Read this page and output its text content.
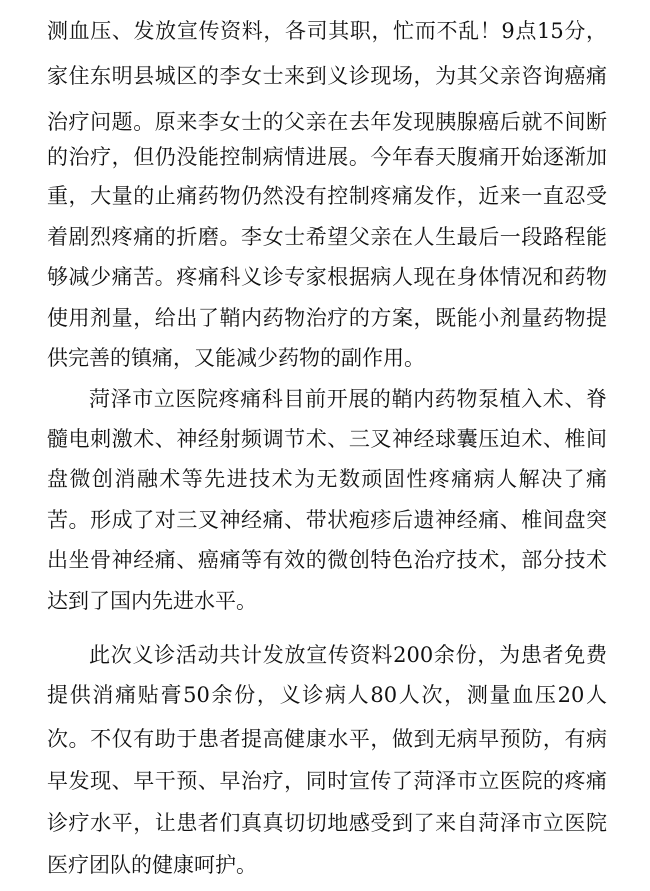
测血压、发放宣传资料，各司其职，忙而不乱！9点15分，
家住东明县城区的李女士来到义诊现场，为其父亲咨询癌痛
治疗问题。原来李女士的父亲在去年发现胰腺癌后就不间断
的治疗，但仍没能控制病情进展。今年春天腹痛开始逐渐加
重，大量的止痛药物仍然没有控制疼痛发作，近来一直忍受
着剧烈疼痛的折磨。李女士希望父亲在人生最后一段路程能
够减少痛苦。疼痛科义诊专家根据病人现在身体情况和药物
使用剂量，给出了鞘内药物治疗的方案，既能小剂量药物提
供完善的镇痛，又能减少药物的副作用。
菏泽市立医院疼痛科目前开展的鞘内药物泵植入术、脊
髓电刺激术、神经射频调节术、三叉神经球囊压迫术、椎间
盘微创消融术等先进技术为无数顽固性疼痛病人解决了痛
苦。形成了对三叉神经痛、带状疱疹后遗神经痛、椎间盘突
出坐骨神经痛、癌痛等有效的微创特色治疗技术，部分技术
达到了国内先进水平。
此次义诊活动共计发放宣传资料200余份，为患者免费
提供消痛贴膏50余份，义诊病人80人次，测量血压20人
次。不仅有助于患者提高健康水平，做到无病早预防，有病
早发现、早干预、早治疗，同时宣传了菏泽市立医院的疼痛
诊疗水平，让患者们真真切切地感受到了来自菏泽市立医院
医疗团队的健康呵护。
